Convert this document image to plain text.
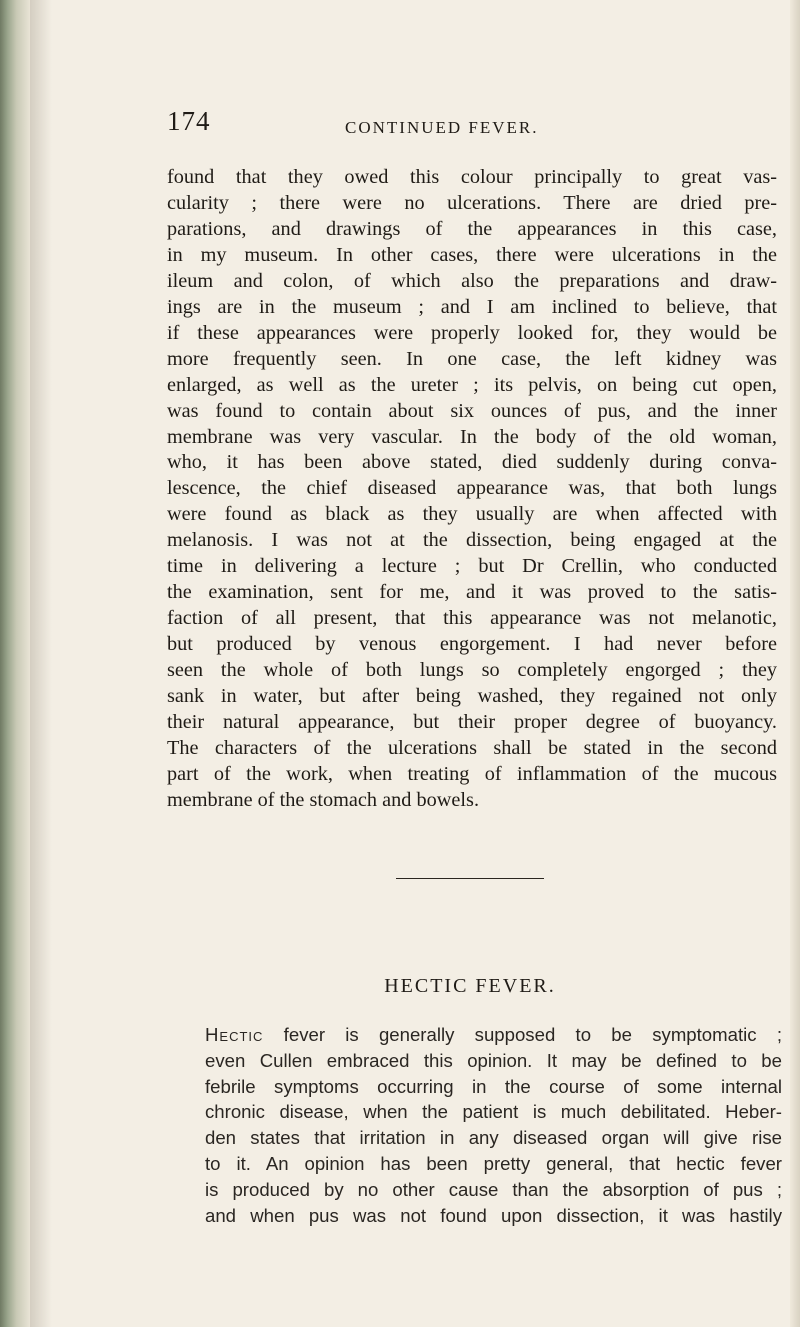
174	CONTINUED FEVER.
found that they owed this colour principally to great vas-
cularity ; there were no ulcerations. There are dried pre-
parations, and drawings of the appearances in this case,
in my museum. In other cases, there were ulcerations in the
ileum and colon, of which also the preparations and draw-
ings are in the museum ; and I am inclined to believe, that
if these appearances were properly looked for, they would be
more frequently seen. In one case, the left kidney was
enlarged, as well as the ureter ; its pelvis, on being cut open,
was found to contain about six ounces of pus, and the inner
membrane was very vascular. In the body of the old woman,
who, it has been above stated, died suddenly during conva-
lescence, the chief diseased appearance was, that both lungs
were found as black as they usually are when affected with
melanosis. I was not at the dissection, being engaged at the
time in delivering a lecture ; but Dr Crellin, who conducted
the examination, sent for me, and it was proved to the satis-
faction of all present, that this appearance was not melanotic,
but produced by venous engorgement. I had never before
seen the whole of both lungs so completely engorged ; they
sank in water, but after being washed, they regained not only
their natural appearance, but their proper degree of buoyancy.
The characters of the ulcerations shall be stated in the second
part of the work, when treating of inflammation of the mucous
membrane of the stomach and bowels.
HECTIC FEVER.
Hectic fever is generally supposed to be symptomatic ;
even Cullen embraced this opinion. It may be defined to be
febrile symptoms occurring in the course of some internal
chronic disease, when the patient is much debilitated. Heber-
den states that irritation in any diseased organ will give rise
to it. An opinion has been pretty general, that hectic fever
is produced by no other cause than the absorption of pus ;
and when pus was not found upon dissection, it was hastily
